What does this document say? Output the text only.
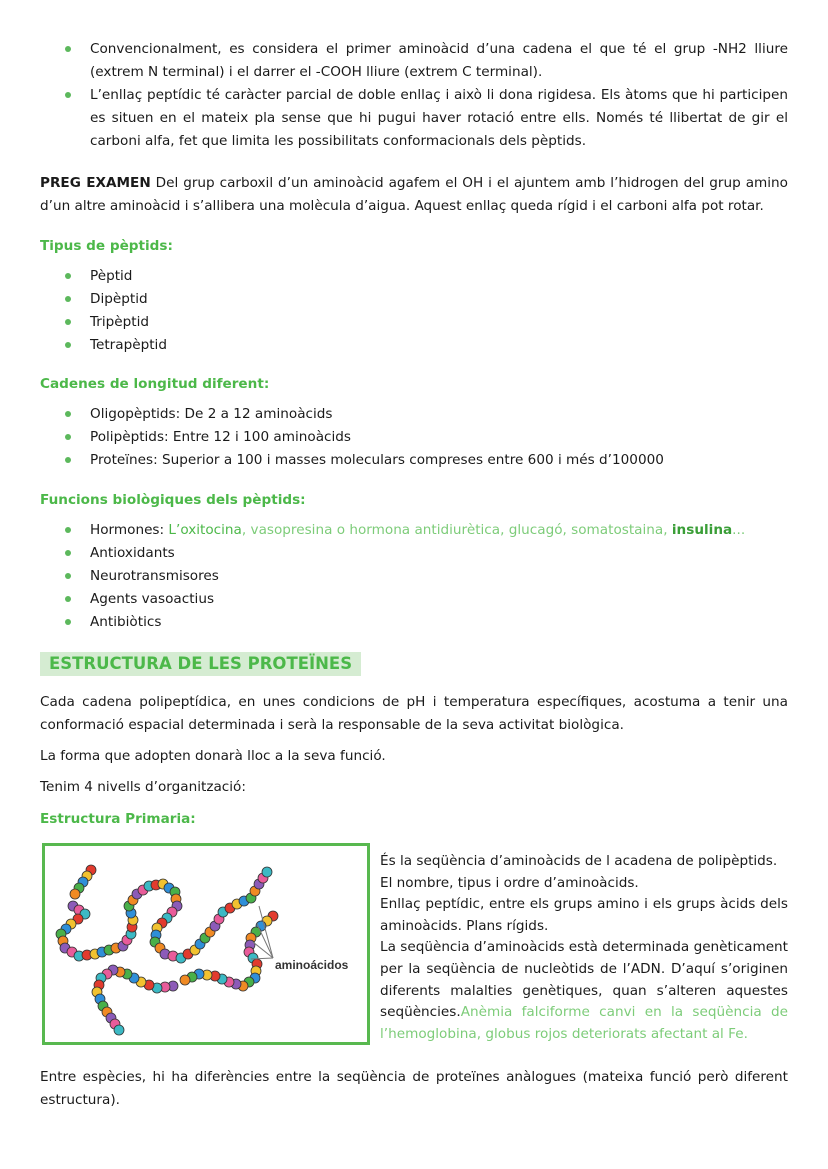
Convencionalment, es considera el primer aminoàcid d’una cadena el que té el grup -NH2 lliure (extrem N terminal) i el darrer el -COOH lliure (extrem C terminal).
L’enllaç peptídic té caràcter parcial de doble enllaç i això li dona rigidesa. Els àtoms que hi participen es situen en el mateix pla sense que hi pugui haver rotació entre ells. Només té llibertat de gir el carboni alfa, fet que limita les possibilitats conformacionals dels pèptids.

PREG EXAMEN Del grup carboxil d’un aminoàcid agafem el OH i el ajuntem amb l’hidrogen del grup amino d’un altre aminoàcid i s’allibera una molècula d’aigua. Aquest enllaç queda rígid i el carboni alfa pot rotar.

Tipus de pèptids:

Pèptid
Dipèptid
Tripèptid
Tetrapèptid

Cadenes de longitud diferent:

Oligopèptids: De 2 a 12 aminoàcids
Polipèptids: Entre 12 i 100 aminoàcids
Proteïnes: Superior a 100 i masses moleculars compreses entre 600 i més d’100000

Funcions biològiques dels pèptids:

Hormones: L’oxitocina, vasopresina o hormona antidiurètica, glucagó, somatostaina, insulina...
Antioxidants
Neurotransmisores
Agents vasoactius
Antibiòtics
ESTRUCTURA DE LES PROTEÏNES

Cada cadena polipeptídica, en unes condicions de pH i temperatura específiques, acostuma a tenir una conformació espacial determinada i serà la responsable de la seva activitat biològica.

La forma que adopten donarà lloc a la seva funció.

Tenim 4 nivells d’organització:

Estructura Primaria:

aminoácidos
És la seqüència d’aminoàcids de l acadena de polipèptids.
El nombre, tipus i ordre d’aminoàcids.
Enllaç peptídic, entre els grups amino i els grups àcids dels aminoàcids. Plans rígids.
La seqüència d’aminoàcids està determinada genèticament per la seqüència de nucleòtids de l’ADN. D’aquí s’originen diferents malalties genètiques, quan s’alteren aquestes seqüències.Anèmia falciforme canvi en la seqüència de l’hemoglobina, globus rojos deteriorats afectant al Fe.

Entre espècies, hi ha diferències entre la seqüència de proteïnes anàlogues (mateixa funció però diferent estructura).
